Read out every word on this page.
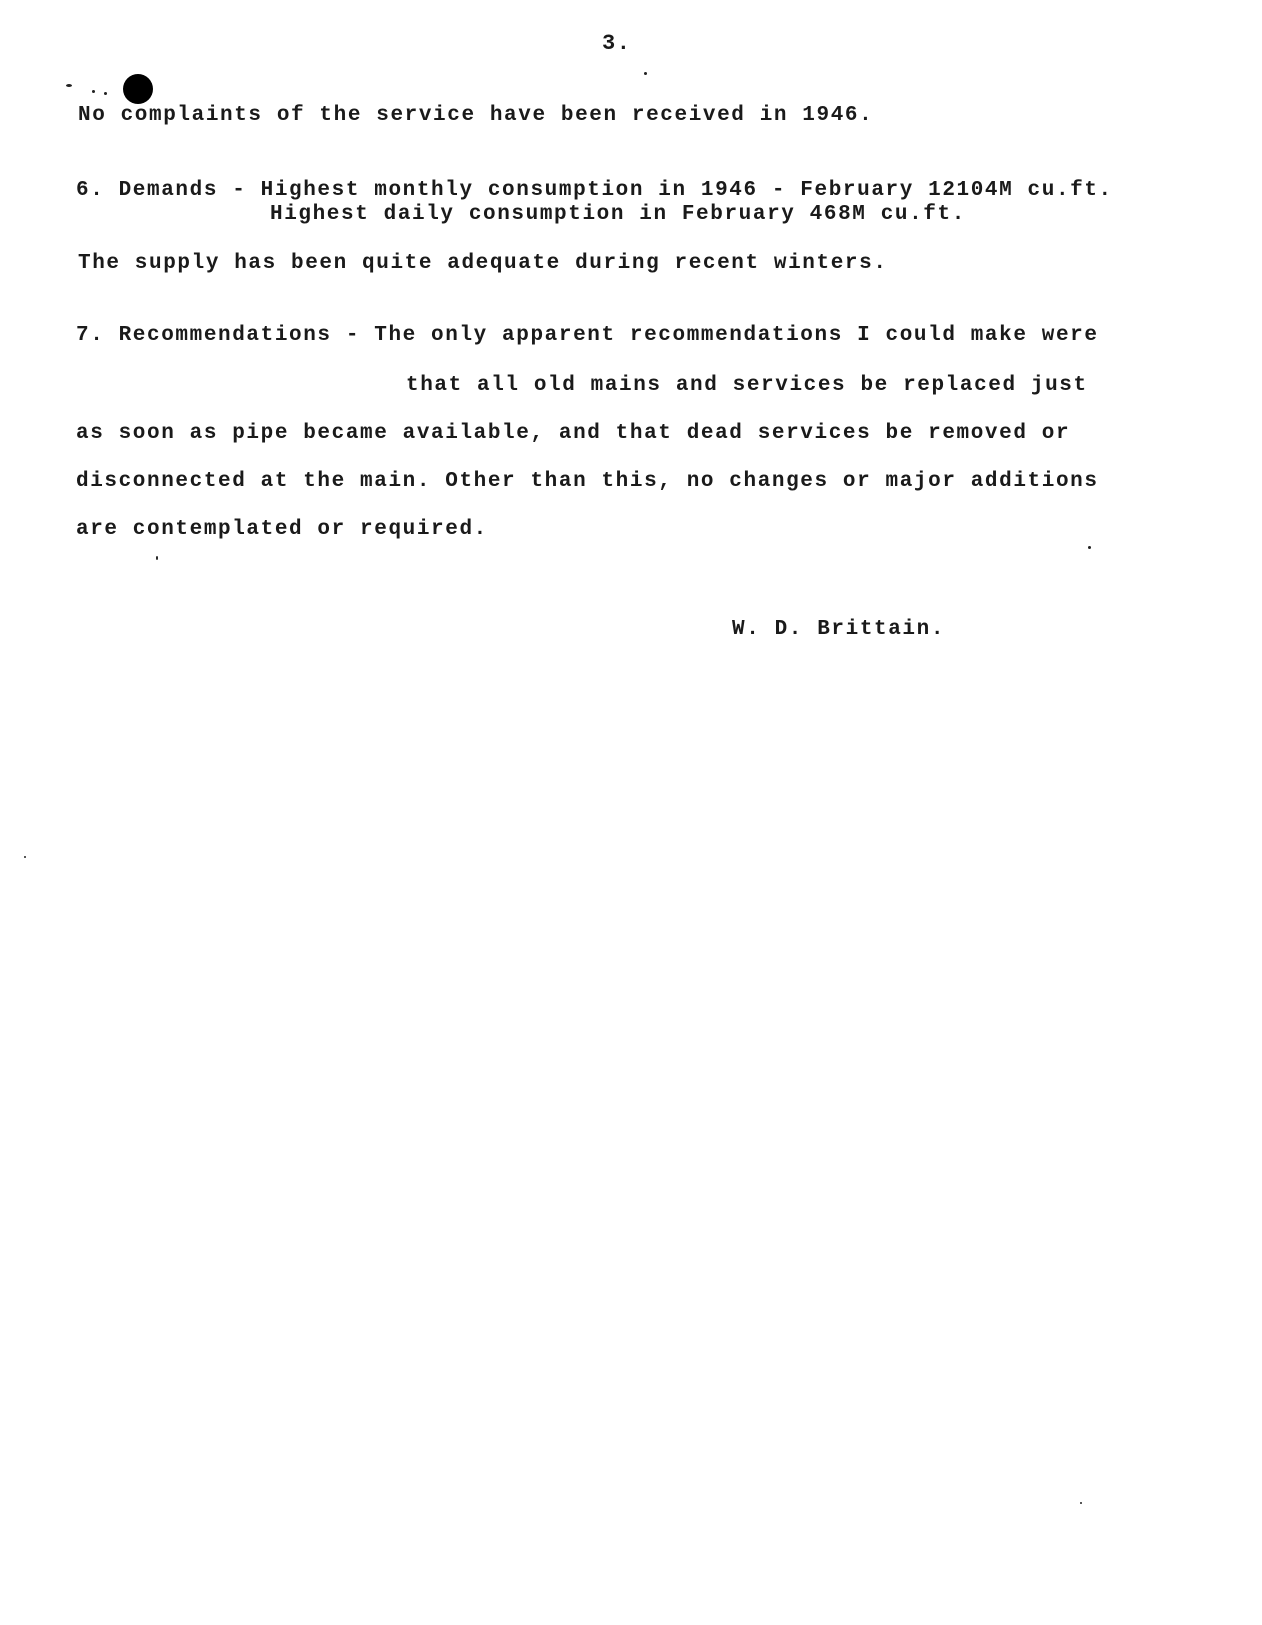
3.
No complaints of the service have been received in 1946.
6. Demands - Highest monthly consumption in 1946 - February 12104M cu.ft.
Highest daily consumption in February 468M cu.ft.
The supply has been quite adequate during recent winters.
7. Recommendations - The only apparent recommendations I could make were
that all old mains and services be replaced just
as soon as pipe became available, and that dead services be removed or
disconnected at the main. Other than this, no changes or major additions
are contemplated or required.
W. D. Brittain.
